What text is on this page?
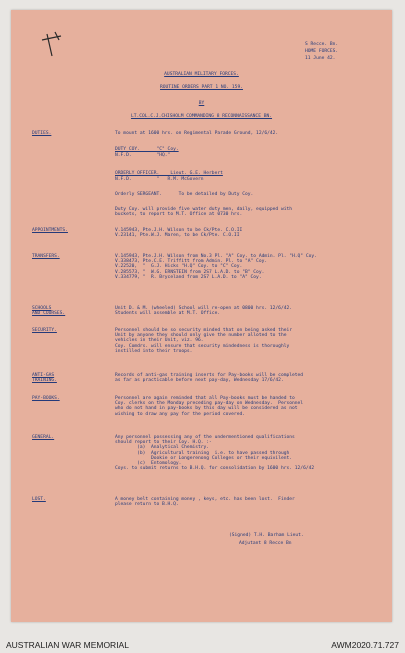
S Recce. Bn.
HOME FORCES.
11 June 42.
AUSTRALIAN MILITARY FORCES.
ROUTINE ORDERS PART 1 NO. 159.
BY
LT.COL.C.J.CHISHOLM COMMANDING 8 RECONNAISSANCE BN.
DUTIES.	To mount at 1600 hrs. on Regimental Parade Ground, 12/6/42.
DUTY COY.      "C" Coy.
N.F.D.         "HQ."
ORDERLY OFFICER.    Lieut. G.E. Herbert
N.F.D.         "   R.M. McGovern
Orderly SERGEANT.      To be detailed by Duty Coy.
Duty Coy. will provide five water duty men, daily, equipped with
buckets, to report to M.T. Office at 0730 hrs.
APPOINTMENTS.	V.145943, Pte.J.H. Wilson to be Ck/Pte. C.O.II
V.23141, Pte.W.J. Maren, to be Ck/Pte. C.O.II
TRANSFERS.	V.145943, Pte.J.H. Wilson from No.3 Pl. "A" Coy. to Admin. Pl. "H.Q" Coy.
V.338473, Pte.C.E. Triffitt from Admin. Pl. to "A" Coy.
V.22520,  "  G.J. Hicks "H.Q" Coy. to "C" Coy.
V.285573, "  W.G. ERNSTEIN from 2S7 L.A.D. to "B" Coy.
V.334779, "  R. Bryceland from 2S7 L.A.D. to "A" Coy.
SCHOOLS
AND COURSES.
Unit D. & M. (wheeled) School will re-open at 0800 hrs. 12/6/42.
Students will assemble at M.T. Office.
SECURITY.	Personnel should be so security minded that on being asked their
Unit by anyone they should only give the number alloted to the
vehicles in their Unit, viz. 96.
Coy. Comdrs. will ensure that security mindedness is thoroughly
instilled into their troops.
ANTI-GAS
TRAINING.
Records of anti-gas training inserts for Pay-books will be completed
as far as practicable before next pay-day, Wednesday 17/6/42.
PAY-BOOKS.	Personnel are again reminded that all Pay-books must be handed to
Coy. clerks on the Monday preceding pay-day on Wednesday.  Personnel
who do not hand in pay-books by this day will be considered as not
wishing to draw any pay for the period covered.
GENERAL.	Any personnel possessing any of the undermentioned qualifications
should report to their Coy. H.Q. :-
(a)  Analytical Chemistry.
(b)  Agricultural training  i.e. to have passed through
Dookie or Longerenong Colleges or their equivilent.
(c)  Entomology.
Coys. to submit returns to B.H.Q. for consolidation by 1600 hrs. 12/6/42
LOST.	A money belt containing money , keys, etc. has been lost.  Finder
please return to B.H.Q.
(Signed) T.H. Barham Lieut.
Adjutant 8 Recce Bn
AUSTRALIAN WAR MEMORIAL	AWM2020.71.727
